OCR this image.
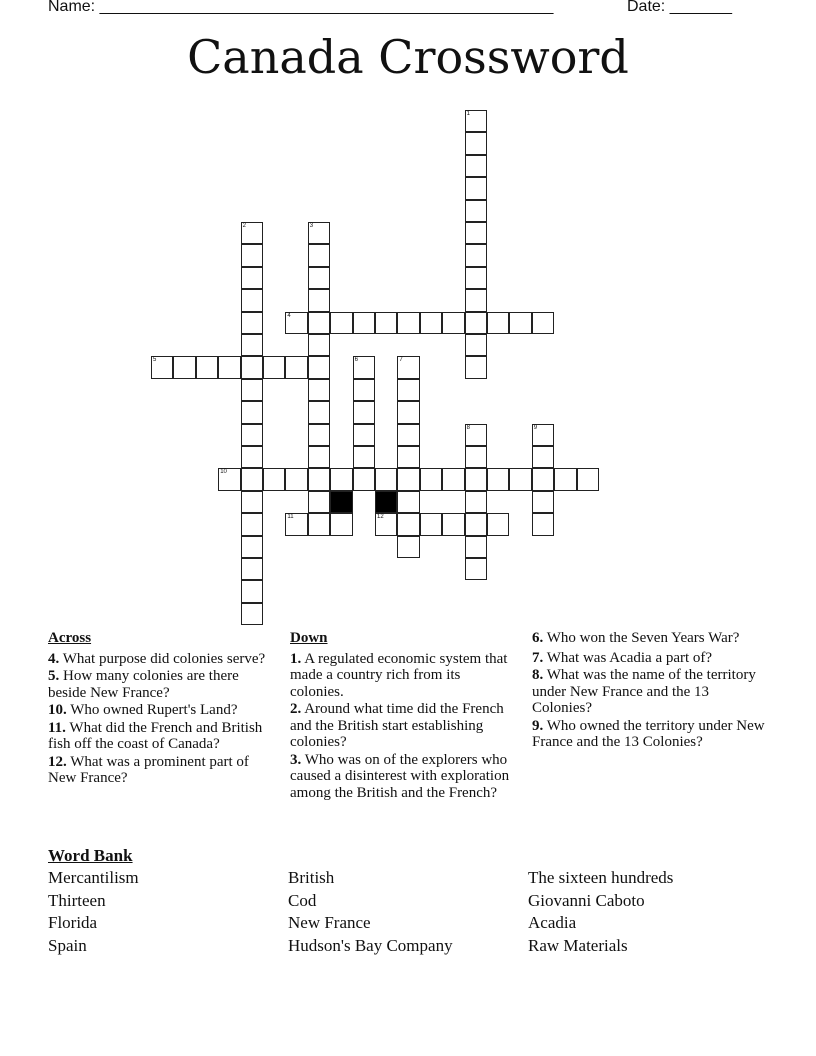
Name: ___________________________________________________	Date: _______
Canada Crossword
1
2	3
4
5	6	7
8	9
10
11	12
Across
4. What purpose did colonies serve?
5. How many colonies are there beside New France?
10. Who owned Rupert's Land?
11. What did the French and British fish off the coast of Canada?
12. What was a prominent part of New France?
Down
1. A regulated economic system that made a country rich from its colonies.
2. Around what time did the French and the British start establishing colonies?
3. Who was on of the explorers who caused a disinterest with exploration among the British and the French?
6. Who won the Seven Years War?
7. What was Acadia a part of?
8. What was the name of the territory under New France and the 13 Colonies?
9. Who owned the territory under New France and the 13 Colonies?
Word Bank
Mercantilism
Thirteen
Florida
Spain
British
Cod
New France
Hudson's Bay Company
The sixteen hundreds
Giovanni Caboto
Acadia
Raw Materials
